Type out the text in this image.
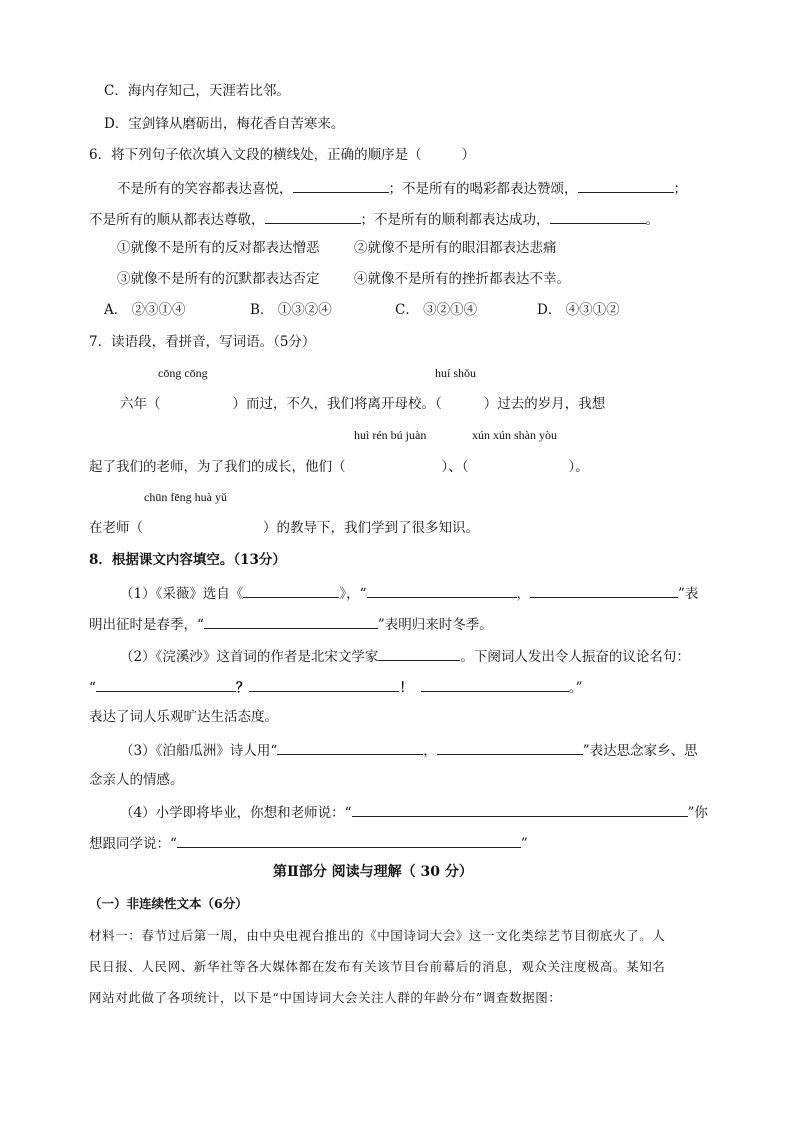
C．海内存知己，天涯若比邻。
D．宝剑锋从磨砺出，梅花香自苦寒来。
6．将下列句子依次填入文段的横线处，正确的顺序是（	）
不是所有的笑容都表达喜悦，	；不是所有的喝彩都表达赞颂，	；
不是所有的顺从都表达尊敬，	；不是所有的顺利都表达成功，	。
①就像不是所有的反对都表达憎恶	②就像不是所有的眼泪都表达悲痛
③就像不是所有的沉默都表达否定	④就像不是所有的挫折都表达不幸。
A． ②③①④	B． ①③②④	C． ③②①④	D． ④③①②
7．读语段，看拼音，写词语。（5分）
cōng cōng	huí shǒu
六年（	）而过，不久，我们将离开母校。（	）过去的岁月，我想
huì rén bú juàn	xún xún shàn yòu
起了我们的老师，为了我们的成长，他们（	）、（	）。
chūn fēng huà yǔ
在老师（	）的教导下，我们学到了很多知识。
8．根据课文内容填空。（13分）
（1）《采薇》选自《	》，“	，	”表
明出征时是春季，“	”表明归来时冬季。
（2）《浣溪沙》这首词的作者是北宋文学家	。下阕词人发出令人振奋的议论名句：
“	？	！	。”
表达了词人乐观旷达生活态度。
（3）《泊船瓜洲》诗人用“	，	”表达思念家乡、思
念亲人的情感。
（4）小学即将毕业，你想和老师说：“	”你
想跟同学说：“	”
第Ⅱ部分 阅读与理解（ 30 分）
（一）非连续性文本（6分）
材料一：春节过后第一周，由中央电视台推出的《中国诗词大会》这一文化类综艺节目彻底火了。人
民日报、人民网、新华社等各大媒体都在发布有关该节目台前幕后的消息，观众关注度极高。某知名
网站对此做了各项统计，以下是“中国诗词大会关注人群的年龄分布”调查数据图：
